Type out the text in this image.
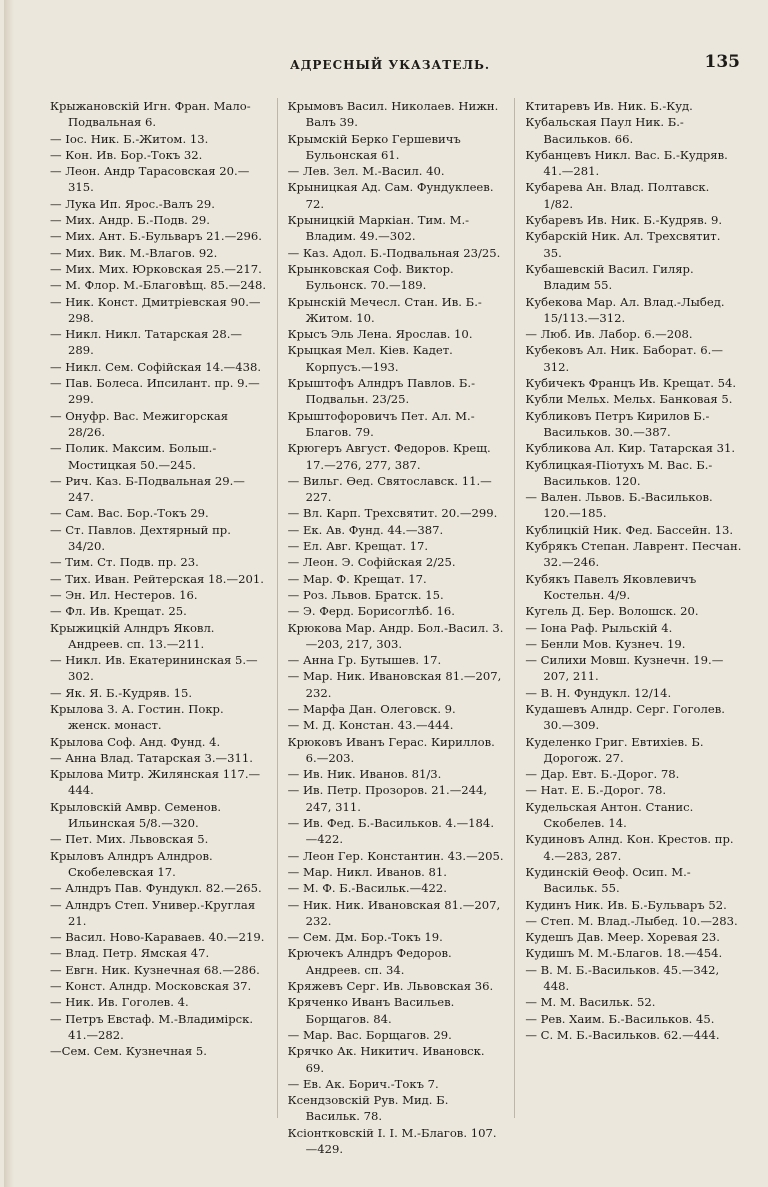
АДРЕСНЫЙ УКАЗАТЕЛЬ.	135

Крыжановскій Игн. Фран. Мало-Подвальная 6.

— Іос. Ник. Б.-Житом. 13.

— Кон. Ив. Бор.-Токъ 32.

— Леон. Андр Тарасовская 20.—315.

— Лука Ип. Ярос.-Валъ 29.

— Мих. Андр. Б.-Подв. 29.

— Мих. Ант. Б.-Бульваръ 21.—296.

— Мих. Вик. М.-Влагов. 92.

— Мих. Мих. Юрковская 25.—217.

— М. Флор. М.-Благовѣщ. 85.—248.

— Ник. Конст. Дмитріевская 90.—298.

— Никл. Никл. Татарская 28.—289.

— Никл. Сем. Софійская 14.—438.

— Пав. Болеса. Ипсилант. пр. 9.—299.

— Онуфр. Вас. Межигорская 28/26.

— Полик. Максим. Больш.-Мостицкая 50.—245.

— Рич. Каз. Б-Подвальная 29.—247.

— Сам. Вас. Бор.-Токъ 29.

— Ст. Павлов. Дехтярный пр. 34/20.

— Тим. Ст. Подв. пр. 23.

— Тих. Иван. Рейтерская 18.—201.

— Эн. Ил. Нестеров. 16.

— Фл. Ив. Крещат. 25.

Крыжицкій Алндръ Яковл. Андреев. сп. 13.—211.

— Никл. Ив. Екатерининская 5.—302.

— Як. Я. Б.-Кудряв. 15.

Крылова З. А. Гостин. Покр. женск. монаст.

Крылова Соф. Анд. Фунд. 4.

— Анна Влад. Татарская 3.—311.

Крылова Митр. Жилянская 117.—444.

Крыловскій Амвр. Семенов. Ильинская 5/8.—320.

— Пет. Мих. Львовская 5.

Крыловъ Алндръ Алндров. Скобелевская 17.

— Алндръ Пав. Фундукл. 82.—265.

— Алндръ Степ. Универ.-Круглая 21.

— Васил. Ново-Караваев. 40.—219.

— Влад. Петр. Ямская 47.

— Евгн. Ник. Кузнечная 68.—286.

— Конст. Алндр. Московская 37.

— Ник. Ив. Гоголев. 4.

— Петръ Евстаф. М.-Владимірск. 41.—282.

—Сем. Сем. Кузнечная 5.

Крымовъ Васил. Николаев. Нижн. Валъ 39.

Крымскій Берко Гершевичъ Бульонская 61.

— Лев. Зел. М.-Васил. 40.

Крыницкая Ад. Сам. Фундуклеев. 72.

Крыницкій Маркіан. Тим. М.-Владим. 49.—302.

— Каз. Адол. Б.-Подвальная 23/25.

Крынковская Соф. Виктор. Бульонск. 70.—189.

Крынскій Мечесл. Стан. Ив. Б.-Житом. 10.

Крысъ Эль Лена. Ярослав. 10.

Крыцкая Мел. Кіев. Кадет. Корпусъ.—193.

Крыштофъ Алндръ Павлов. Б.-Подвальн. 23/25.

Крыштофоровичъ Пет. Ал. М.-Благов. 79.

Крюгеръ Август. Федоров. Крещ. 17.—276, 277, 387.

— Вильг. Өед. Святославск. 11.—227.

— Вл. Карп. Трехсвятит. 20.—299.

— Ек. Ав. Фунд. 44.—387.

— Ел. Авг. Крещат. 17.

— Леон. Э. Софійская 2/25.

— Мар. Ф. Крещат. 17.

— Роз. Львов. Братск. 15.

— Э. Ферд. Борисоглѣб. 16.

Крюкова Мар. Андр. Бол.-Васил. 3.—203, 217, 303.

— Анна Гр. Бутышев. 17.

— Мар. Ник. Ивановская 81.—207, 232.

— Марфа Дан. Олеговск. 9.

— М. Д. Констан. 43.—444.

Крюковъ Иванъ Герас. Кириллов. 6.—203.

— Ив. Ник. Иванов. 81/3.

— Ив. Петр. Прозоров. 21.—244, 247, 311.

— Ив. Фед. Б.-Васильков. 4.—184.—422.

— Леон Гер. Константин. 43.—205.

— Мар. Никл. Иванов. 81.

— М. Ф. Б.-Васильк.—422.

— Ник. Ник. Ивановская 81.—207, 232.

— Сем. Дм. Бор.-Токъ 19.

Крючекъ Алндръ Федоров. Андреев. сп. 34.

Кряжевъ Серг. Ив. Львовская 36.

Кряченко Иванъ Васильев. Борщагов. 84.

— Мар. Вас. Борщагов. 29.

Крячко Ак. Никитич. Ивановск. 69.

— Ев. Ак. Борич.-Токъ 7.

Ксендзовскій Рув. Мид. Б. Васильк. 78.

Ксіонтковскій І. І. М.-Благов. 107.—429.

Ктитаревъ Ив. Ник. Б.-Куд.

Кубальская Паул Ник. Б.-Васильков. 66.

Кубанцевъ Никл. Вас. Б.-Кудряв. 41.—281.

Кубарева Ан. Влад. Полтавск. 1/82.

Кубаревъ Ив. Ник. Б.-Кудряв. 9.

Кубарскій Ник. Ал. Трехсвятит. 35.

Кубашевскій Васил. Гиляр. Владим 55.

Кубекова Мар. Ал. Влад.-Лыбед. 15/113.—312.

— Люб. Ив. Лабор. 6.—208.

Кубековъ Ал. Ник. Баборат. 6.—312.

Кубичекъ Францъ Ив. Крещат. 54.

Кубли Мельх. Мельх. Банковая 5.

Кубликовъ Петръ Кирилов Б.-Васильков. 30.—387.

Кубликова Ал. Кир. Татарская 31.

Кублицкая-Піотухъ М. Вас. Б.-Васильков. 120.

— Вален. Львов. Б.-Васильков. 120.—185.

Кублицкій Ник. Фед. Бассейн. 13.

Кубрякъ Степан. Лаврент. Песчан. 32.—246.

Кубякъ Павелъ Яковлевичъ Костельн. 4/9.

Кугель Д. Бер. Волошск. 20.

— Іона Раф. Рыльскій 4.

— Бенли Мов. Кузнеч. 19.

— Силихи Мовш. Кузнечн. 19.—207, 211.

— В. Н. Фундукл. 12/14.

Кудашевъ Алндр. Серг. Гоголев. 30.—309.

Куделенко Григ. Евтихіев. Б. Дорогож. 27.

— Дар. Евт. Б.-Дорог. 78.

— Нат. Е. Б.-Дорог. 78.

Кудельская Антон. Станис. Скобелев. 14.

Кудиновъ Алнд. Кон. Крестов. пр. 4.—283, 287.

Кудинскій Өеоф. Осип. М.-Васильк. 55.

Кудинъ Ник. Ив. Б.-Бульваръ 52.

— Степ. М. Влад.-Лыбед. 10.—283.

Кудешъ Дав. Меер. Хоревая 23.

Кудишъ М. М.-Благов. 18.—454.

— В. М. Б.-Васильков. 45.—342, 448.

— М. М. Васильк. 52.

— Рев. Хаим. Б.-Васильков. 45.

— С. М. Б.-Васильков. 62.—444.
